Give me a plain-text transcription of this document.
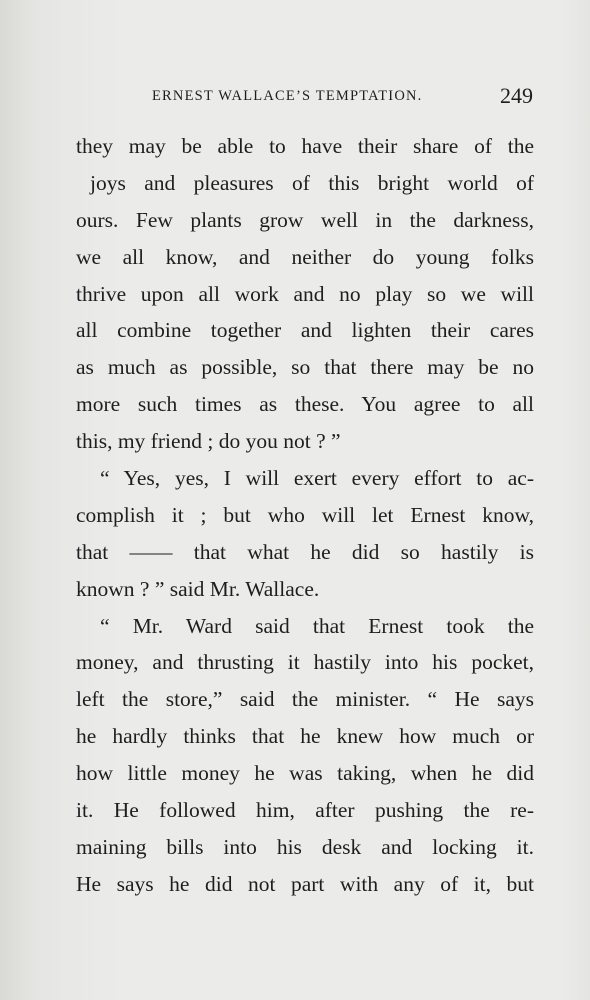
ERNEST WALLACE’S TEMPTATION.	249
they may be able to have their share of the
joys and pleasures of this bright world of
ours. Few plants grow well in the darkness,
we all know, and neither do young folks
thrive upon all work and no play so we will
all combine together and lighten their cares
as much as possible, so that there may be no
more such times as these. You agree to all
this, my friend ; do you not ? ”
“ Yes, yes, I will exert every effort to ac-
complish it ; but who will let Ernest know,
that —— that what he did so hastily is
known ? ” said Mr. Wallace.
“ Mr. Ward said that Ernest took the
money, and thrusting it hastily into his pocket,
left the store,” said the minister. “ He says
he hardly thinks that he knew how much or
how little money he was taking, when he did
it. He followed him, after pushing the re-
maining bills into his desk and locking it.
He says he did not part with any of it, but
